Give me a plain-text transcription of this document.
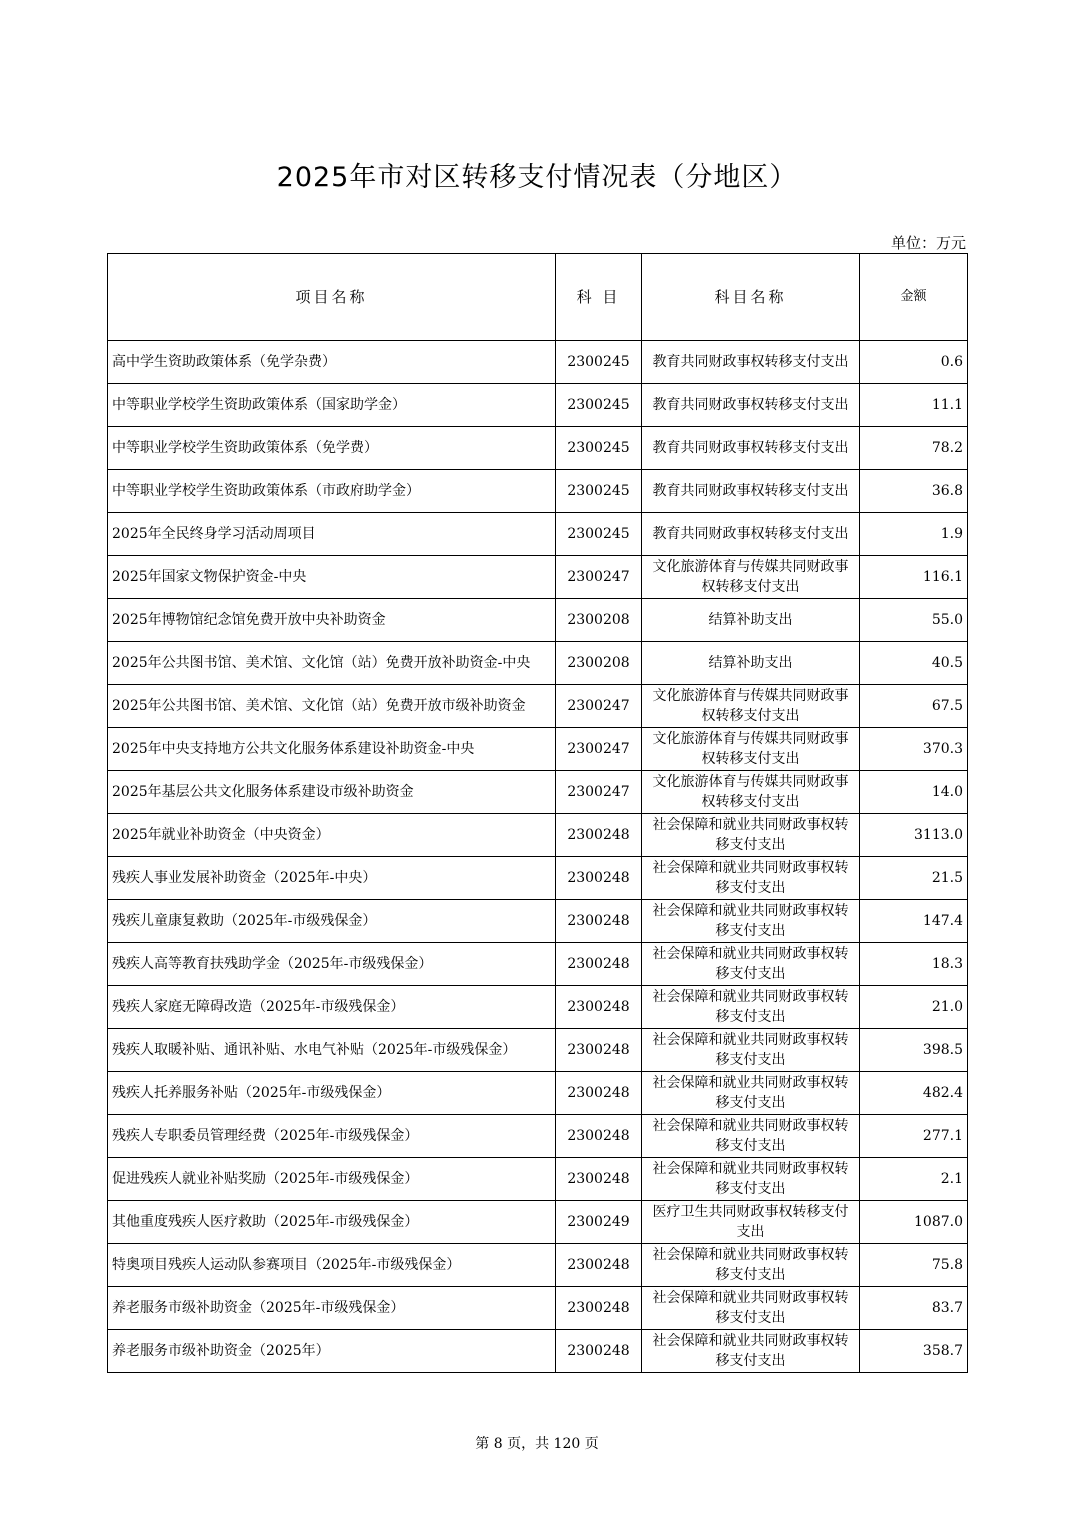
2025年市对区转移支付情况表（分地区）
单位：万元
项目名称	科 目	科目名称	金额
高中学生资助政策体系（免学杂费）	2300245	教育共同财政事权转移支付支出	0.6
中等职业学校学生资助政策体系（国家助学金）	2300245	教育共同财政事权转移支付支出	11.1
中等职业学校学生资助政策体系（免学费）	2300245	教育共同财政事权转移支付支出	78.2
中等职业学校学生资助政策体系（市政府助学金）	2300245	教育共同财政事权转移支付支出	36.8
2025年全民终身学习活动周项目	2300245	教育共同财政事权转移支付支出	1.9
2025年国家文物保护资金-中央	2300247	文化旅游体育与传媒共同财政事权转移支付支出	116.1
2025年博物馆纪念馆免费开放中央补助资金	2300208	结算补助支出	55.0
2025年公共图书馆、美术馆、文化馆（站）免费开放补助资金-中央	2300208	结算补助支出	40.5
2025年公共图书馆、美术馆、文化馆（站）免费开放市级补助资金	2300247	文化旅游体育与传媒共同财政事权转移支付支出	67.5
2025年中央支持地方公共文化服务体系建设补助资金-中央	2300247	文化旅游体育与传媒共同财政事权转移支付支出	370.3
2025年基层公共文化服务体系建设市级补助资金	2300247	文化旅游体育与传媒共同财政事权转移支付支出	14.0
2025年就业补助资金（中央资金）	2300248	社会保障和就业共同财政事权转移支付支出	3113.0
残疾人事业发展补助资金（2025年-中央）	2300248	社会保障和就业共同财政事权转移支付支出	21.5
残疾儿童康复救助（2025年-市级残保金）	2300248	社会保障和就业共同财政事权转移支付支出	147.4
残疾人高等教育扶残助学金（2025年-市级残保金）	2300248	社会保障和就业共同财政事权转移支付支出	18.3
残疾人家庭无障碍改造（2025年-市级残保金）	2300248	社会保障和就业共同财政事权转移支付支出	21.0
残疾人取暖补贴、通讯补贴、水电气补贴（2025年-市级残保金）	2300248	社会保障和就业共同财政事权转移支付支出	398.5
残疾人托养服务补贴（2025年-市级残保金）	2300248	社会保障和就业共同财政事权转移支付支出	482.4
残疾人专职委员管理经费（2025年-市级残保金）	2300248	社会保障和就业共同财政事权转移支付支出	277.1
促进残疾人就业补贴奖励（2025年-市级残保金）	2300248	社会保障和就业共同财政事权转移支付支出	2.1
其他重度残疾人医疗救助（2025年-市级残保金）	2300249	医疗卫生共同财政事权转移支付支出	1087.0
特奥项目残疾人运动队参赛项目（2025年-市级残保金）	2300248	社会保障和就业共同财政事权转移支付支出	75.8
养老服务市级补助资金（2025年-市级残保金）	2300248	社会保障和就业共同财政事权转移支付支出	83.7
养老服务市级补助资金（2025年）	2300248	社会保障和就业共同财政事权转移支付支出	358.7
第 8 页，共 120 页
